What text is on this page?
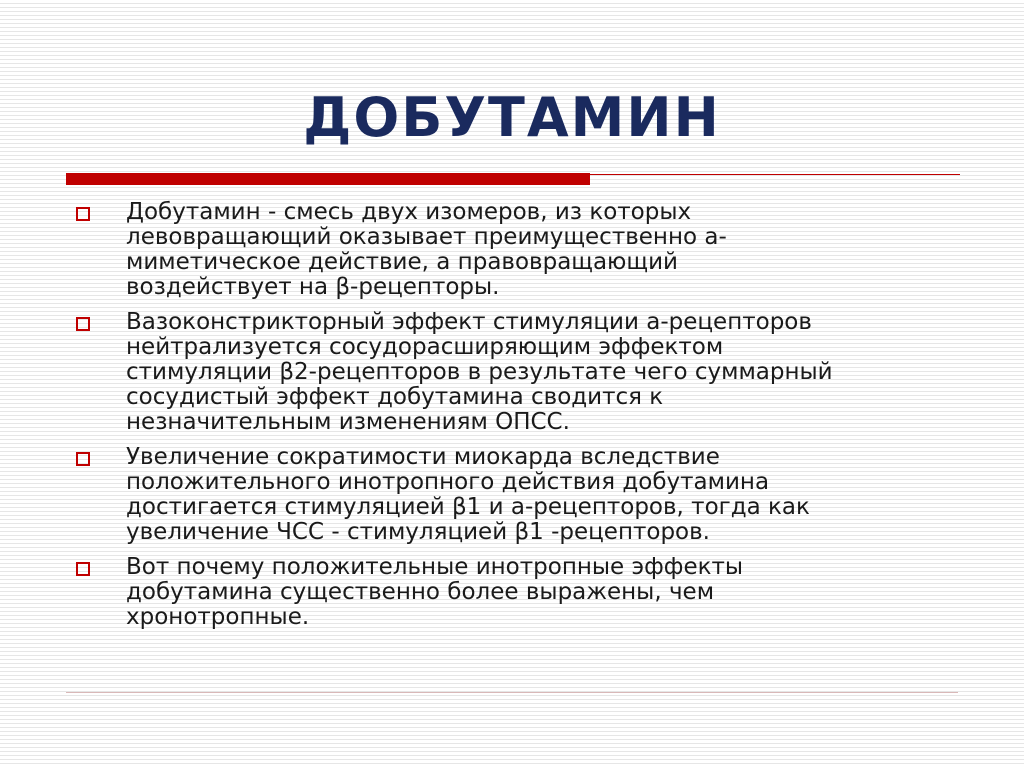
ДОБУТАМИН
Добутамин - смесь двух изомеров, из которых
левовращающий оказывает преимущественно a-
миметическое действие, а правовращающий
воздействует на β-рецепторы.
Вазоконстрикторный эффект стимуляции a-рецепторов
нейтрализуется сосудорасширяющим эффектом
стимуляции β2-рецепторов в результате чего суммарный
сосудистый эффект добутамина сводится к
незначительным изменениям ОПСС.
Увеличение сократимости миокарда вследствие
положительного инотропного действия добутамина
достигается стимуляцией β1 и a-рецепторов, тогда как
увеличение ЧСС - стимуляцией β1 -рецепторов.
Вот почему положительные инотропные эффекты
добутамина существенно более выражены, чем
хронотропные.
